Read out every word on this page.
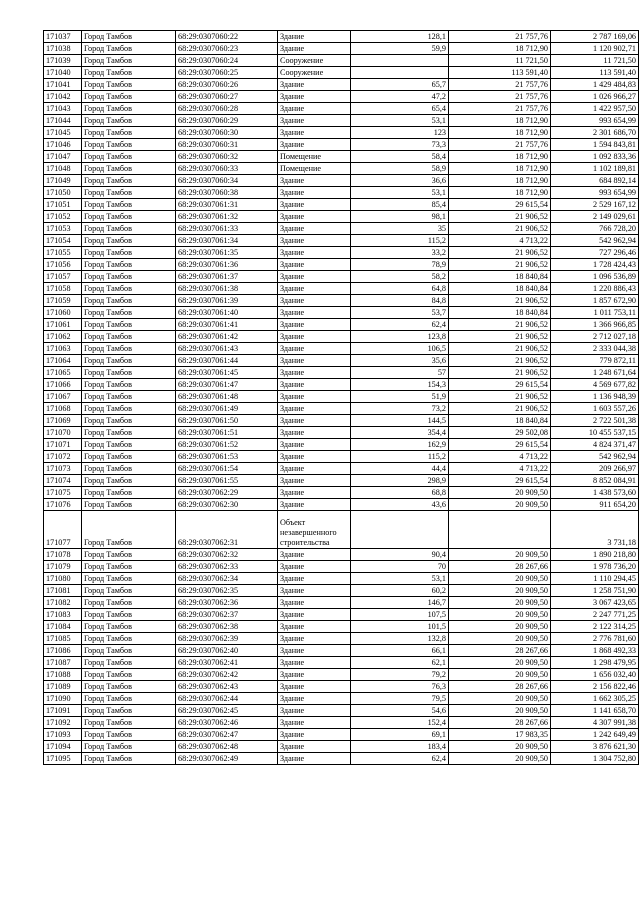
171037	Город Тамбов	68:29:0307060:22	Здание	128,1	21 757,76	2 787 169,06
171038	Город Тамбов	68:29:0307060:23	Здание	59,9	18 712,90	1 120 902,71
171039	Город Тамбов	68:29:0307060:24	Сооружение		11 721,50	11 721,50
171040	Город Тамбов	68:29:0307060:25	Сооружение		113 591,40	113 591,40
171041	Город Тамбов	68:29:0307060:26	Здание	65,7	21 757,76	1 429 484,83
171042	Город Тамбов	68:29:0307060:27	Здание	47,2	21 757,76	1 026 966,27
171043	Город Тамбов	68:29:0307060:28	Здание	65,4	21 757,76	1 422 957,50
171044	Город Тамбов	68:29:0307060:29	Здание	53,1	18 712,90	993 654,99
171045	Город Тамбов	68:29:0307060:30	Здание	123	18 712,90	2 301 686,70
171046	Город Тамбов	68:29:0307060:31	Здание	73,3	21 757,76	1 594 843,81
171047	Город Тамбов	68:29:0307060:32	Помещение	58,4	18 712,90	1 092 833,36
171048	Город Тамбов	68:29:0307060:33	Помещение	58,9	18 712,90	1 102 189,81
171049	Город Тамбов	68:29:0307060:34	Здание	36,6	18 712,90	684 892,14
171050	Город Тамбов	68:29:0307060:38	Здание	53,1	18 712,90	993 654,99
171051	Город Тамбов	68:29:0307061:31	Здание	85,4	29 615,54	2 529 167,12
171052	Город Тамбов	68:29:0307061:32	Здание	98,1	21 906,52	2 149 029,61
171053	Город Тамбов	68:29:0307061:33	Здание	35	21 906,52	766 728,20
171054	Город Тамбов	68:29:0307061:34	Здание	115,2	4 713,22	542 962,94
171055	Город Тамбов	68:29:0307061:35	Здание	33,2	21 906,52	727 296,46
171056	Город Тамбов	68:29:0307061:36	Здание	78,9	21 906,52	1 728 424,43
171057	Город Тамбов	68:29:0307061:37	Здание	58,2	18 840,84	1 096 536,89
171058	Город Тамбов	68:29:0307061:38	Здание	64,8	18 840,84	1 220 886,43
171059	Город Тамбов	68:29:0307061:39	Здание	84,8	21 906,52	1 857 672,90
171060	Город Тамбов	68:29:0307061:40	Здание	53,7	18 840,84	1 011 753,11
171061	Город Тамбов	68:29:0307061:41	Здание	62,4	21 906,52	1 366 966,85
171062	Город Тамбов	68:29:0307061:42	Здание	123,8	21 906,52	2 712 027,18
171063	Город Тамбов	68:29:0307061:43	Здание	106,5	21 906,52	2 333 044,38
171064	Город Тамбов	68:29:0307061:44	Здание	35,6	21 906,52	779 872,11
171065	Город Тамбов	68:29:0307061:45	Здание	57	21 906,52	1 248 671,64
171066	Город Тамбов	68:29:0307061:47	Здание	154,3	29 615,54	4 569 677,82
171067	Город Тамбов	68:29:0307061:48	Здание	51,9	21 906,52	1 136 948,39
171068	Город Тамбов	68:29:0307061:49	Здание	73,2	21 906,52	1 603 557,26
171069	Город Тамбов	68:29:0307061:50	Здание	144,5	18 840,84	2 722 501,38
171070	Город Тамбов	68:29:0307061:51	Здание	354,4	29 502,08	10 455 537,15
171071	Город Тамбов	68:29:0307061:52	Здание	162,9	29 615,54	4 824 371,47
171072	Город Тамбов	68:29:0307061:53	Здание	115,2	4 713,22	542 962,94
171073	Город Тамбов	68:29:0307061:54	Здание	44,4	4 713,22	209 266,97
171074	Город Тамбов	68:29:0307061:55	Здание	298,9	29 615,54	8 852 084,91
171075	Город Тамбов	68:29:0307062:29	Здание	68,8	20 909,50	1 438 573,60
171076	Город Тамбов	68:29:0307062:30	Здание	43,6	20 909,50	911 654,20
171077	Город Тамбов	68:29:0307062:31	Объект незавершенного строительства			3 731,18
171078	Город Тамбов	68:29:0307062:32	Здание	90,4	20 909,50	1 890 218,80
171079	Город Тамбов	68:29:0307062:33	Здание	70	28 267,66	1 978 736,20
171080	Город Тамбов	68:29:0307062:34	Здание	53,1	20 909,50	1 110 294,45
171081	Город Тамбов	68:29:0307062:35	Здание	60,2	20 909,50	1 258 751,90
171082	Город Тамбов	68:29:0307062:36	Здание	146,7	20 909,50	3 067 423,65
171083	Город Тамбов	68:29:0307062:37	Здание	107,5	20 909,50	2 247 771,25
171084	Город Тамбов	68:29:0307062:38	Здание	101,5	20 909,50	2 122 314,25
171085	Город Тамбов	68:29:0307062:39	Здание	132,8	20 909,50	2 776 781,60
171086	Город Тамбов	68:29:0307062:40	Здание	66,1	28 267,66	1 868 492,33
171087	Город Тамбов	68:29:0307062:41	Здание	62,1	20 909,50	1 298 479,95
171088	Город Тамбов	68:29:0307062:42	Здание	79,2	20 909,50	1 656 032,40
171089	Город Тамбов	68:29:0307062:43	Здание	76,3	28 267,66	2 156 822,46
171090	Город Тамбов	68:29:0307062:44	Здание	79,5	20 909,50	1 662 305,25
171091	Город Тамбов	68:29:0307062:45	Здание	54,6	20 909,50	1 141 658,70
171092	Город Тамбов	68:29:0307062:46	Здание	152,4	28 267,66	4 307 991,38
171093	Город Тамбов	68:29:0307062:47	Здание	69,1	17 983,35	1 242 649,49
171094	Город Тамбов	68:29:0307062:48	Здание	183,4	20 909,50	3 876 621,30
171095	Город Тамбов	68:29:0307062:49	Здание	62,4	20 909,50	1 304 752,80
